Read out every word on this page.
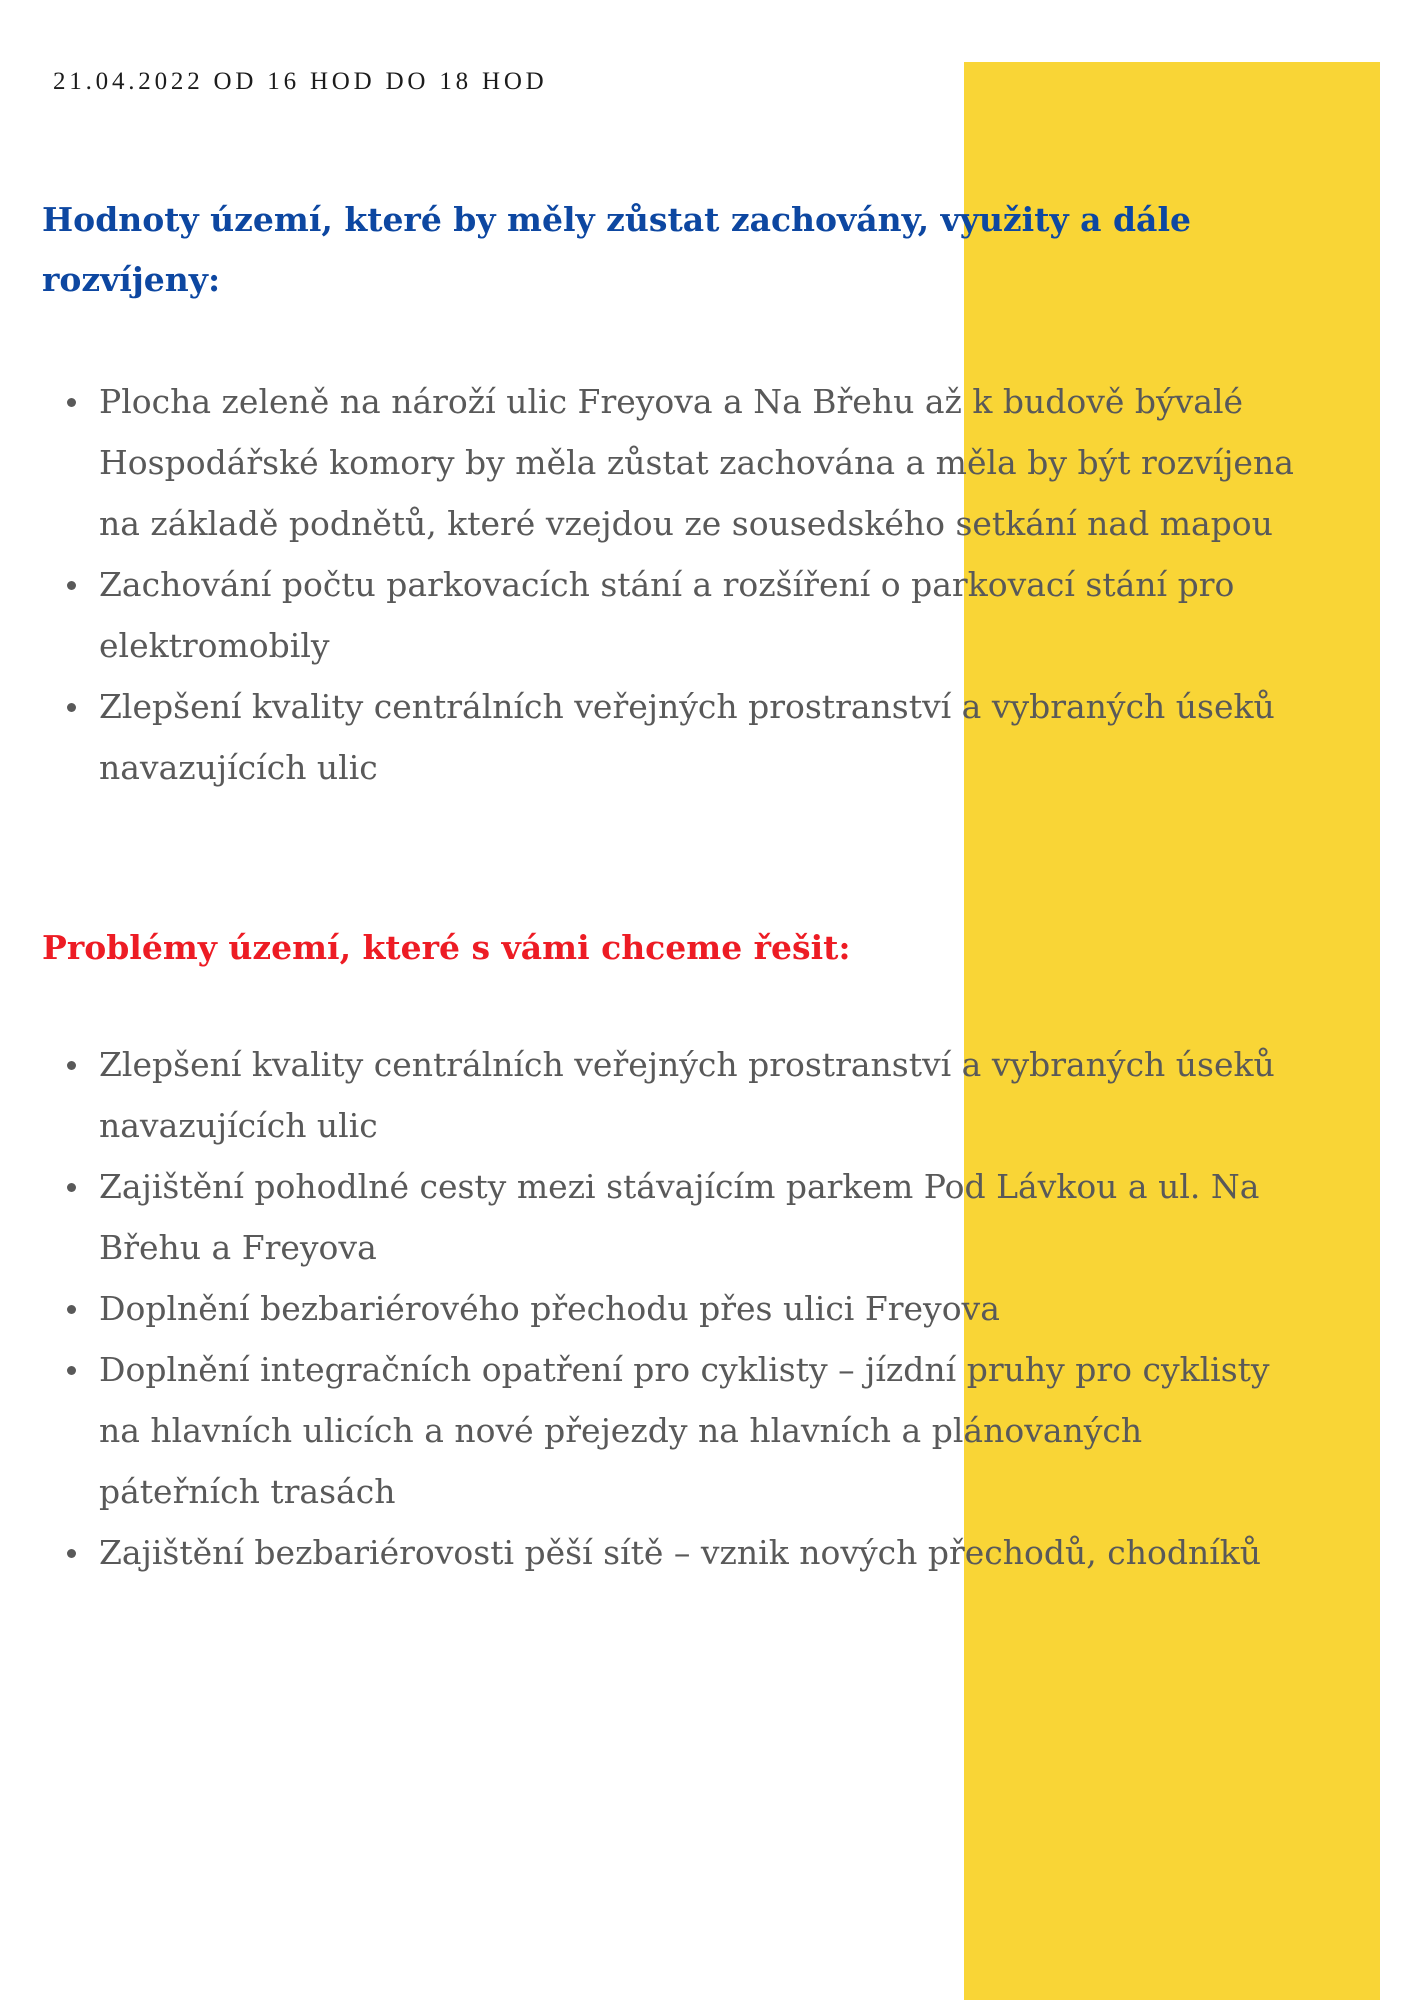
21.04.2022 OD 16 HOD DO 18 HOD

Hodnoty území, které by měly zůstat zachovány, využity a dále
rozvíjeny:
Plocha zeleně na nároží ulic Freyova a Na Břehu až k budově bývalé
Hospodářské komory by měla zůstat zachována a měla by být rozvíjena
na základě podnětů, které vzejdou ze sousedského setkání nad mapou
Zachování počtu parkovacích stání a rozšíření o parkovací stání pro
elektromobily
Zlepšení kvality centrálních veřejných prostranství a vybraných úseků
navazujících ulic
Problémy území, které s vámi chceme řešit:
Zlepšení kvality centrálních veřejných prostranství a vybraných úseků
navazujících ulic
Zajištění pohodlné cesty mezi stávajícím parkem Pod Lávkou a ul. Na
Břehu a Freyova
Doplnění bezbariérového přechodu přes ulici Freyova
Doplnění integračních opatření pro cyklisty – jízdní pruhy pro cyklisty
na hlavních ulicích a nové přejezdy na hlavních a plánovaných
páteřních trasách
Zajištění bezbariérovosti pěší sítě – vznik nových přechodů, chodníků
